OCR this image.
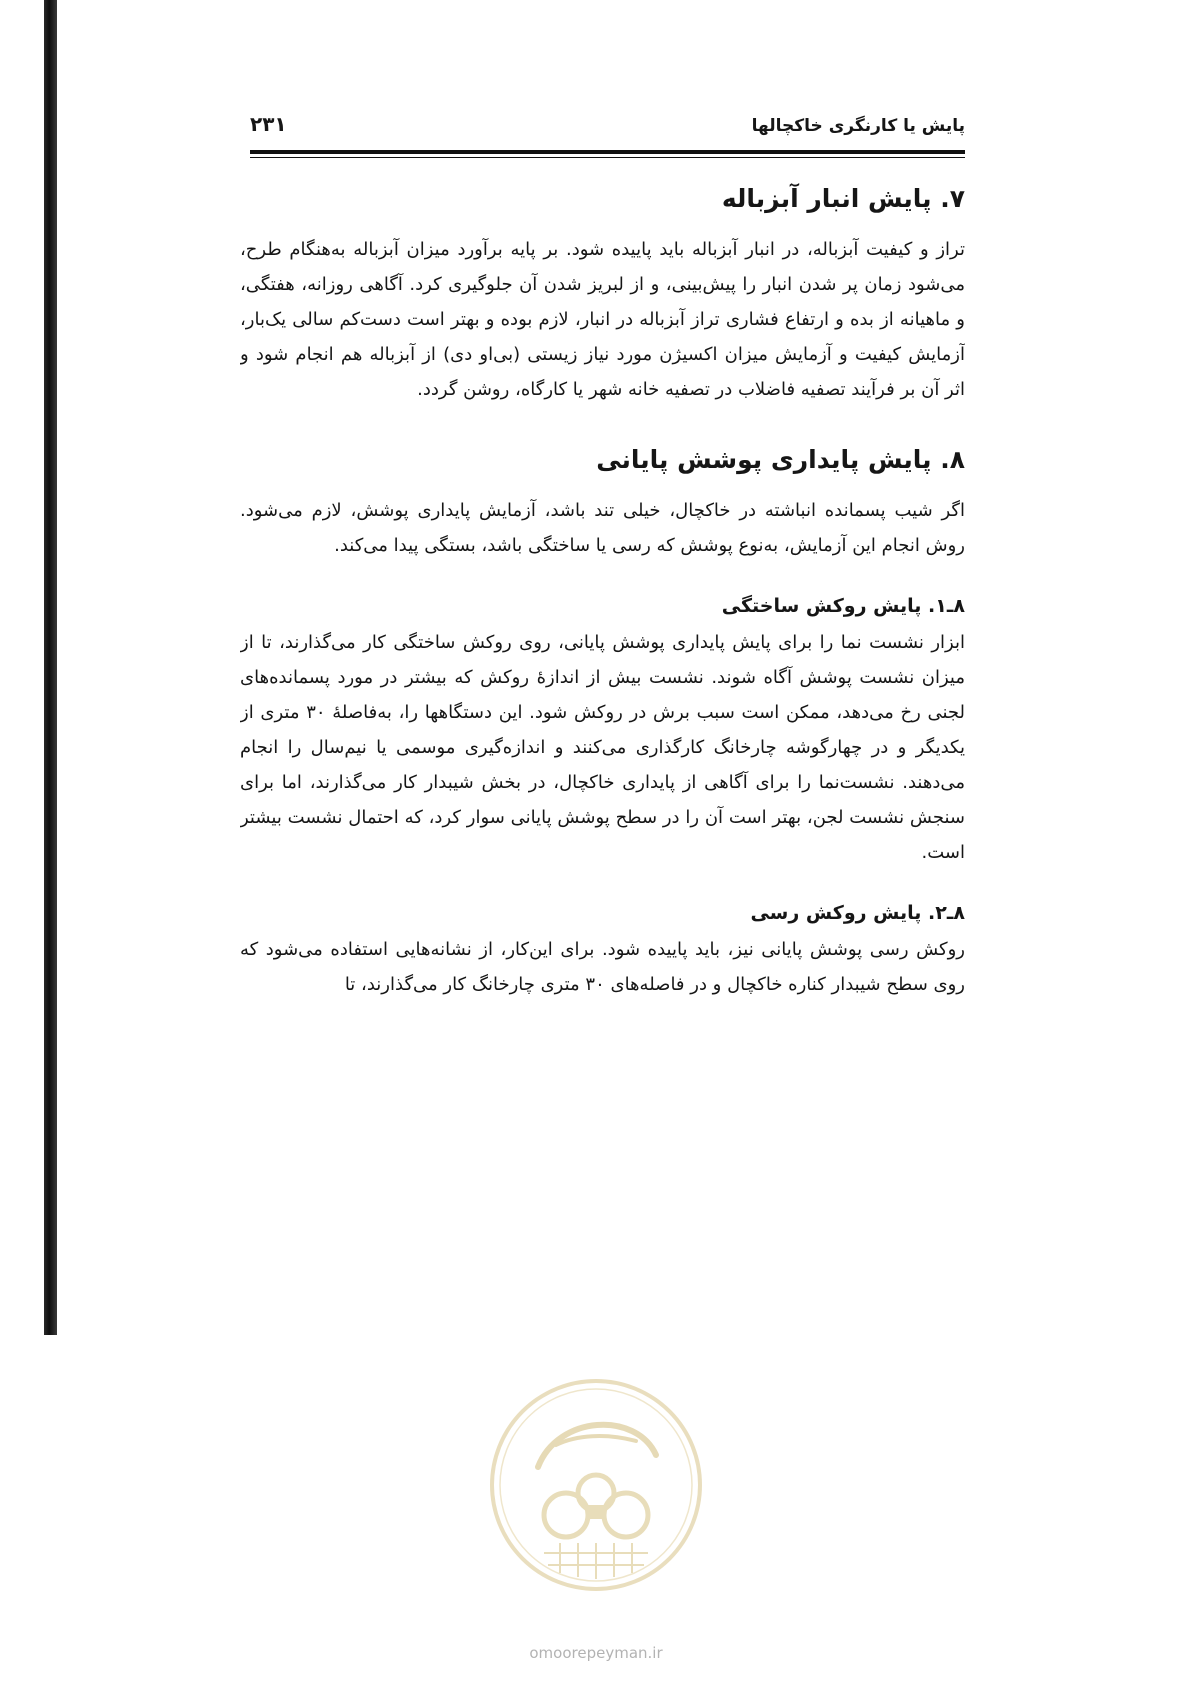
پایش یا کارنگری خاکچالها
۲۳۱
۷. پایش انبار آبزباله

تراز و کیفیت آبزباله، در انبار آبزباله باید پاییده شود. بر پایه برآورد میزان آبزباله به‌هنگام طرح، می‌شود زمان پر شدن انبار را پیش‌بینی، و از لبریز شدن آن جلوگیری کرد. آگاهی روزانه، هفتگی، و ماهیانه از بده و ارتفاع فشاری تراز آبزباله در انبار، لازم بوده و بهتر است دست‌کم سالی یک‌بار، آزمایش کیفیت و آزمایش میزان اکسیژن مورد نیاز زیستی (بی‌او دی) از آبزباله هم انجام شود و اثر آن بر فرآیند تصفیه فاضلاب در تصفیه خانه شهر یا کارگاه، روشن گردد.

۸. پایش پایداری پوشش پایانی

اگر شیب پسمانده انباشته در خاکچال، خیلی تند باشد، آزمایش پایداری پوشش، لازم می‌شود. روش انجام این آزمایش، به‌نوع پوشش که رسی یا ساختگی باشد، بستگی پیدا می‌کند.

۸ـ۱. پایش روکش ساختگی

ابزار نشست نما را برای پایش پایداری پوشش پایانی، روی روکش ساختگی کار می‌گذارند، تا از میزان نشست پوشش آگاه شوند. نشست بیش از اندازهٔ روکش که بیشتر در مورد پسمانده‌های لجنی رخ می‌دهد، ممکن است سبب برش در روکش شود. این دستگاهها را، به‌فاصلهٔ ۳۰ متری از یکدیگر و در چهارگوشه چارخانگ کارگذاری می‌کنند و اندازه‌گیری موسمی یا نیم‌سال را انجام می‌دهند. نشست‌نما را برای آگاهی از پایداری خاکچال، در بخش شیبدار کار می‌گذارند، اما برای سنجش نشست لجن، بهتر است آن را در سطح پوشش پایانی سوار کرد، که احتمال نشست بیشتر است.

۸ـ۲. پایش روکش رسی

روکش رسی پوشش پایانی نیز، باید پاییده شود. برای این‌کار، از نشانه‌هایی استفاده می‌شود که روی سطح شیبدار کناره خاکچال و در فاصله‌های ۳۰ متری چارخانگ کار می‌گذارند، تا

omoorepeyman.ir
